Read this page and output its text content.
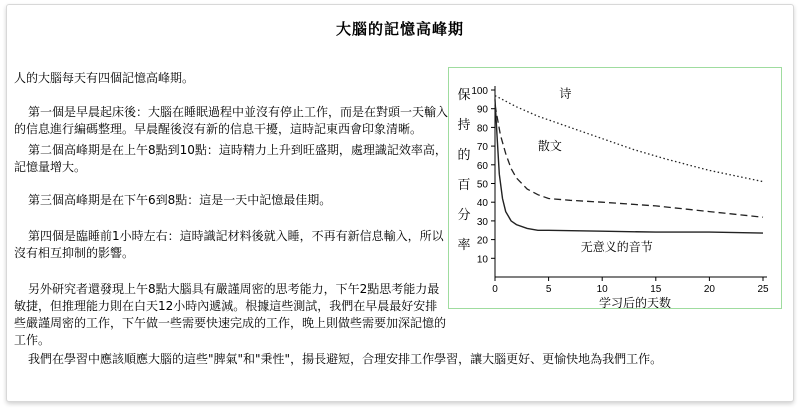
大腦的記憶高峰期
人的大腦每天有四個記憶高峰期。
第一個是早晨起床後：大腦在睡眠過程中並沒有停止工作，而是在對頭一天輸入的信息進行編碼整理。早晨醒後沒有新的信息干擾，這時記東西會印象清晰。
第二個高峰期是在上午8點到10點：這時精力上升到旺盛期，處理識記效率高，記憶量增大。
第三個高峰期是在下午6到8點：這是一天中記憶最佳期。
第四個是臨睡前1小時左右：這時識記材料後就入睡，不再有新信息輸入，所以沒有相互抑制的影響。
另外研究者還發現上午8點大腦具有嚴謹周密的思考能力，下午2點思考能力最敏捷，但推理能力則在白天12小時內遞減。根據這些測試，我們在早晨最好安排些嚴謹周密的工作，下午做一些需要快速完成的工作，晚上則做些需要加深記憶的工作。
我們在學習中應該順應大腦的這些"脾氣"和"秉性"，揚長避短，合理安排工作學習，讓大腦更好、更愉快地為我們工作。
保
持
的
百
分
率
10
20
30
40
50
60
70
80
90
100
0	5	10	15	20	25
学习后的天数
诗
散文
无意义的音节
